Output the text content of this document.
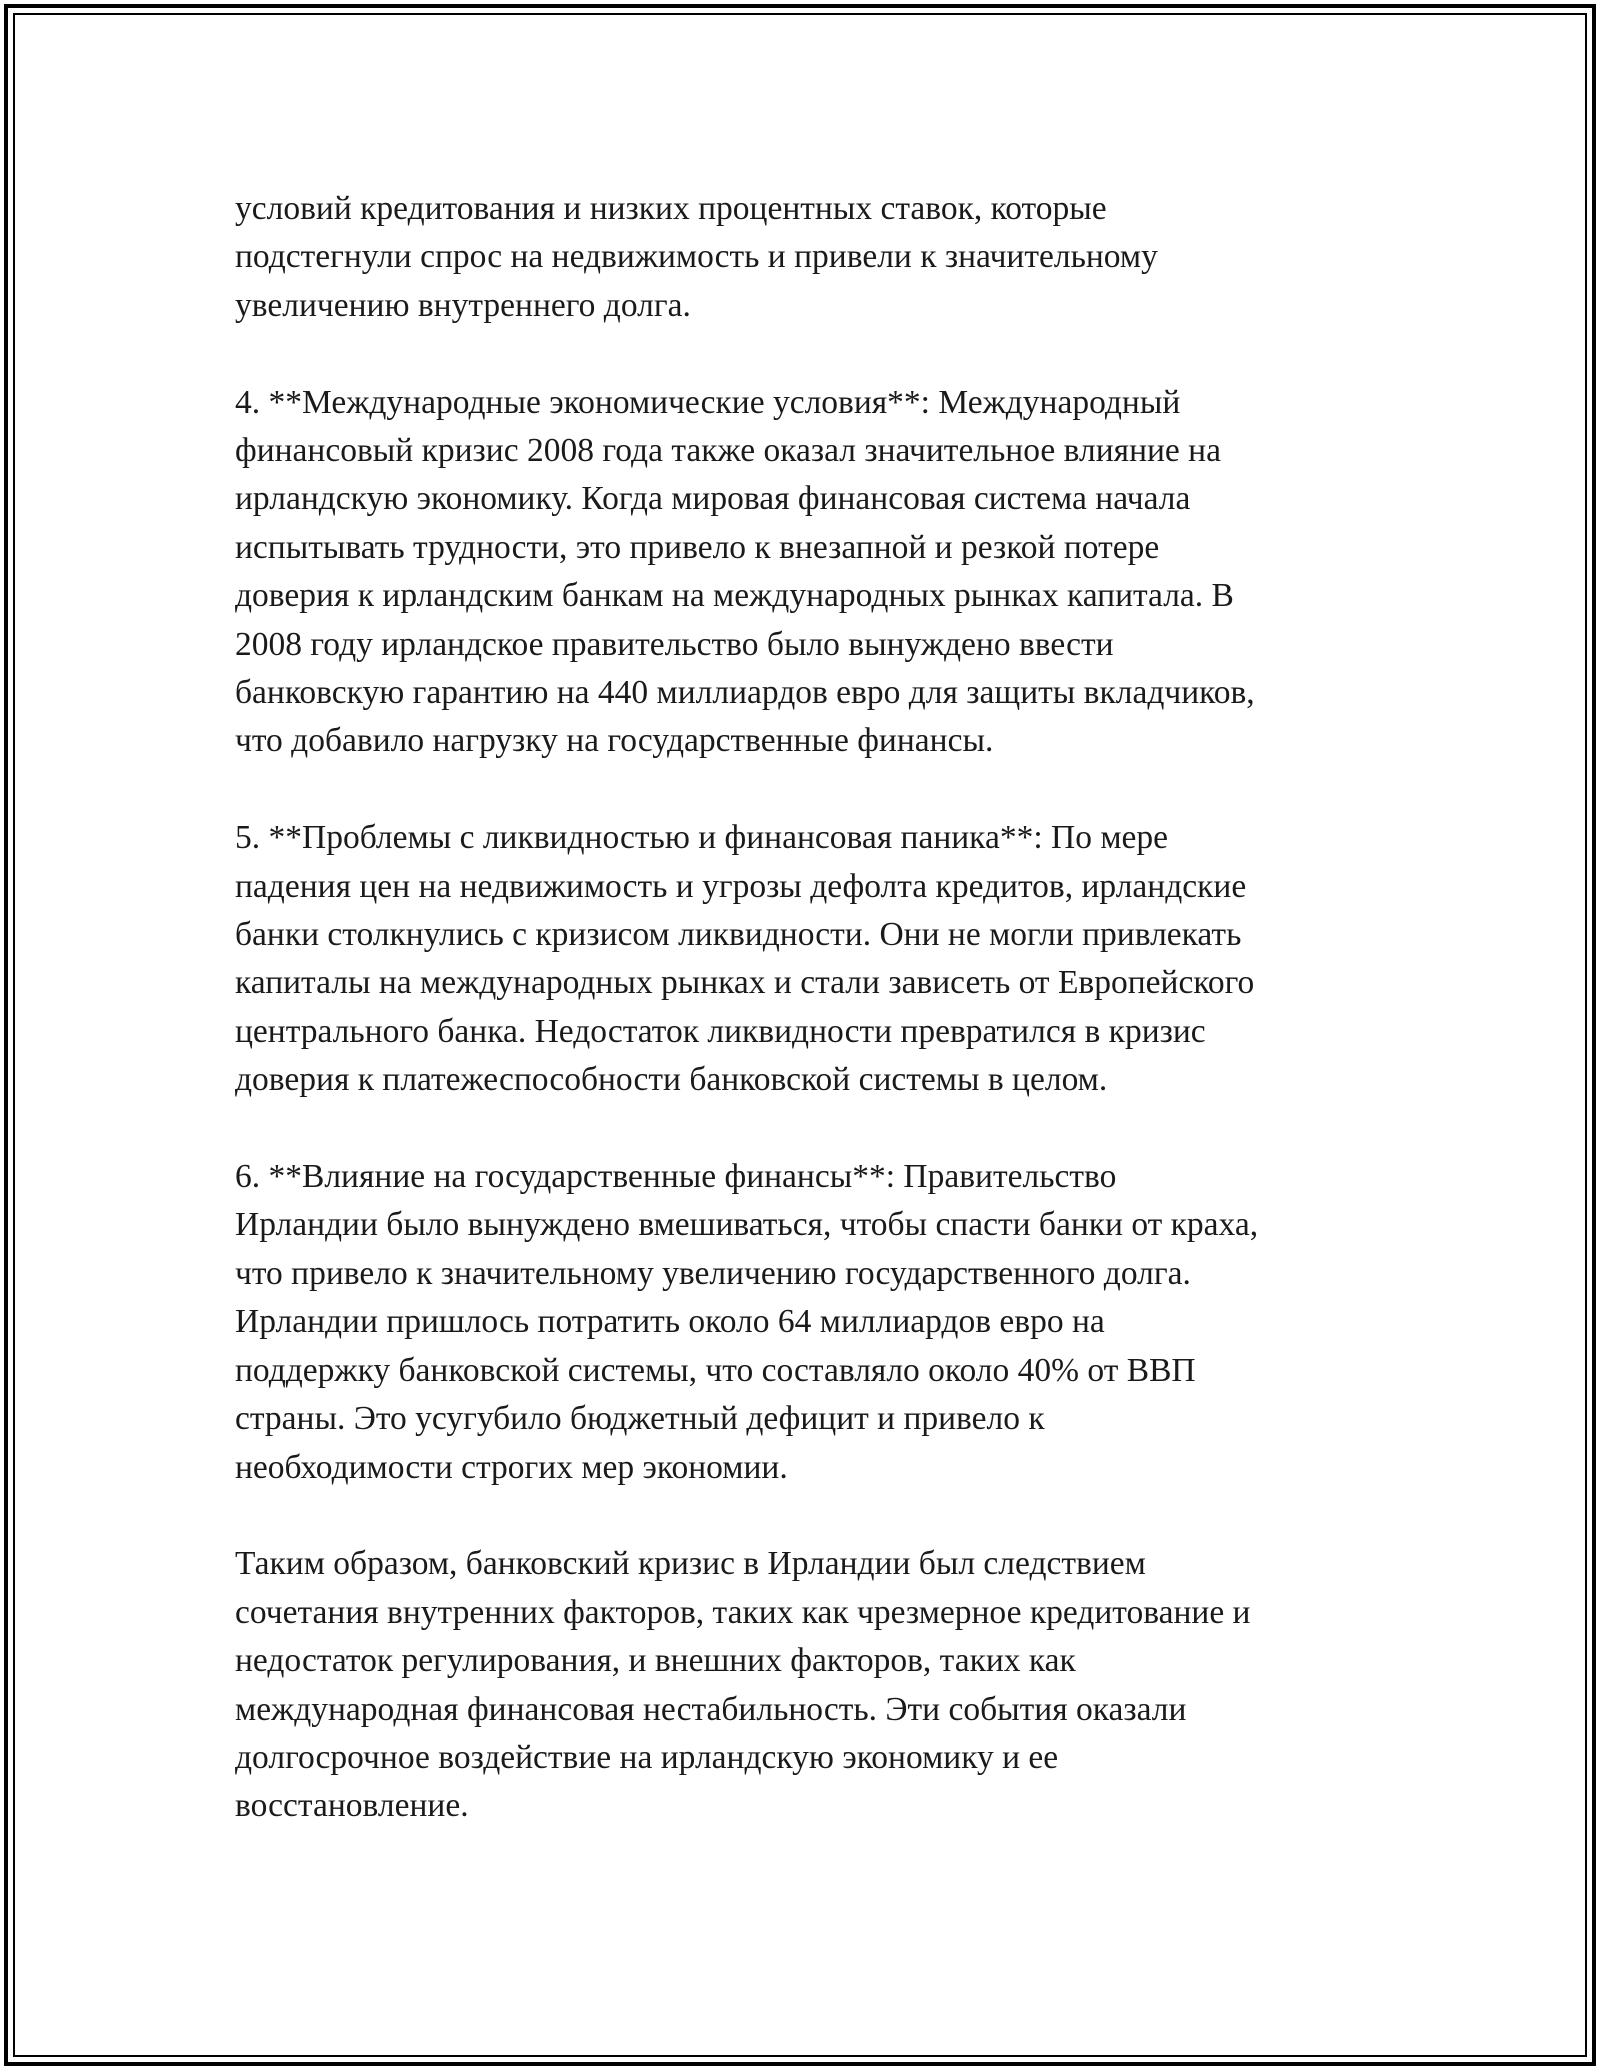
условий кредитования и низких процентных ставок, которые
подстегнули спрос на недвижимость и привели к значительному
увеличению внутреннего долга.

4. **Международные экономические условия**: Международный
финансовый кризис 2008 года также оказал значительное влияние на
ирландскую экономику. Когда мировая финансовая система начала
испытывать трудности, это привело к внезапной и резкой потере
доверия к ирландским банкам на международных рынках капитала. В
2008 году ирландское правительство было вынуждено ввести
банковскую гарантию на 440 миллиардов евро для защиты вкладчиков,
что добавило нагрузку на государственные финансы.

5. **Проблемы с ликвидностью и финансовая паника**: По мере
падения цен на недвижимость и угрозы дефолта кредитов, ирландские
банки столкнулись с кризисом ликвидности. Они не могли привлекать
капиталы на международных рынках и стали зависеть от Европейского
центрального банка. Недостаток ликвидности превратился в кризис
доверия к платежеспособности банковской системы в целом.

6. **Влияние на государственные финансы**: Правительство
Ирландии было вынуждено вмешиваться, чтобы спасти банки от краха,
что привело к значительному увеличению государственного долга.
Ирландии пришлось потратить около 64 миллиардов евро на
поддержку банковской системы, что составляло около 40% от ВВП
страны. Это усугубило бюджетный дефицит и привело к
необходимости строгих мер экономии.

Таким образом, банковский кризис в Ирландии был следствием
сочетания внутренних факторов, таких как чрезмерное кредитование и
недостаток регулирования, и внешних факторов, таких как
международная финансовая нестабильность. Эти события оказали
долгосрочное воздействие на ирландскую экономику и ее
восстановление.
